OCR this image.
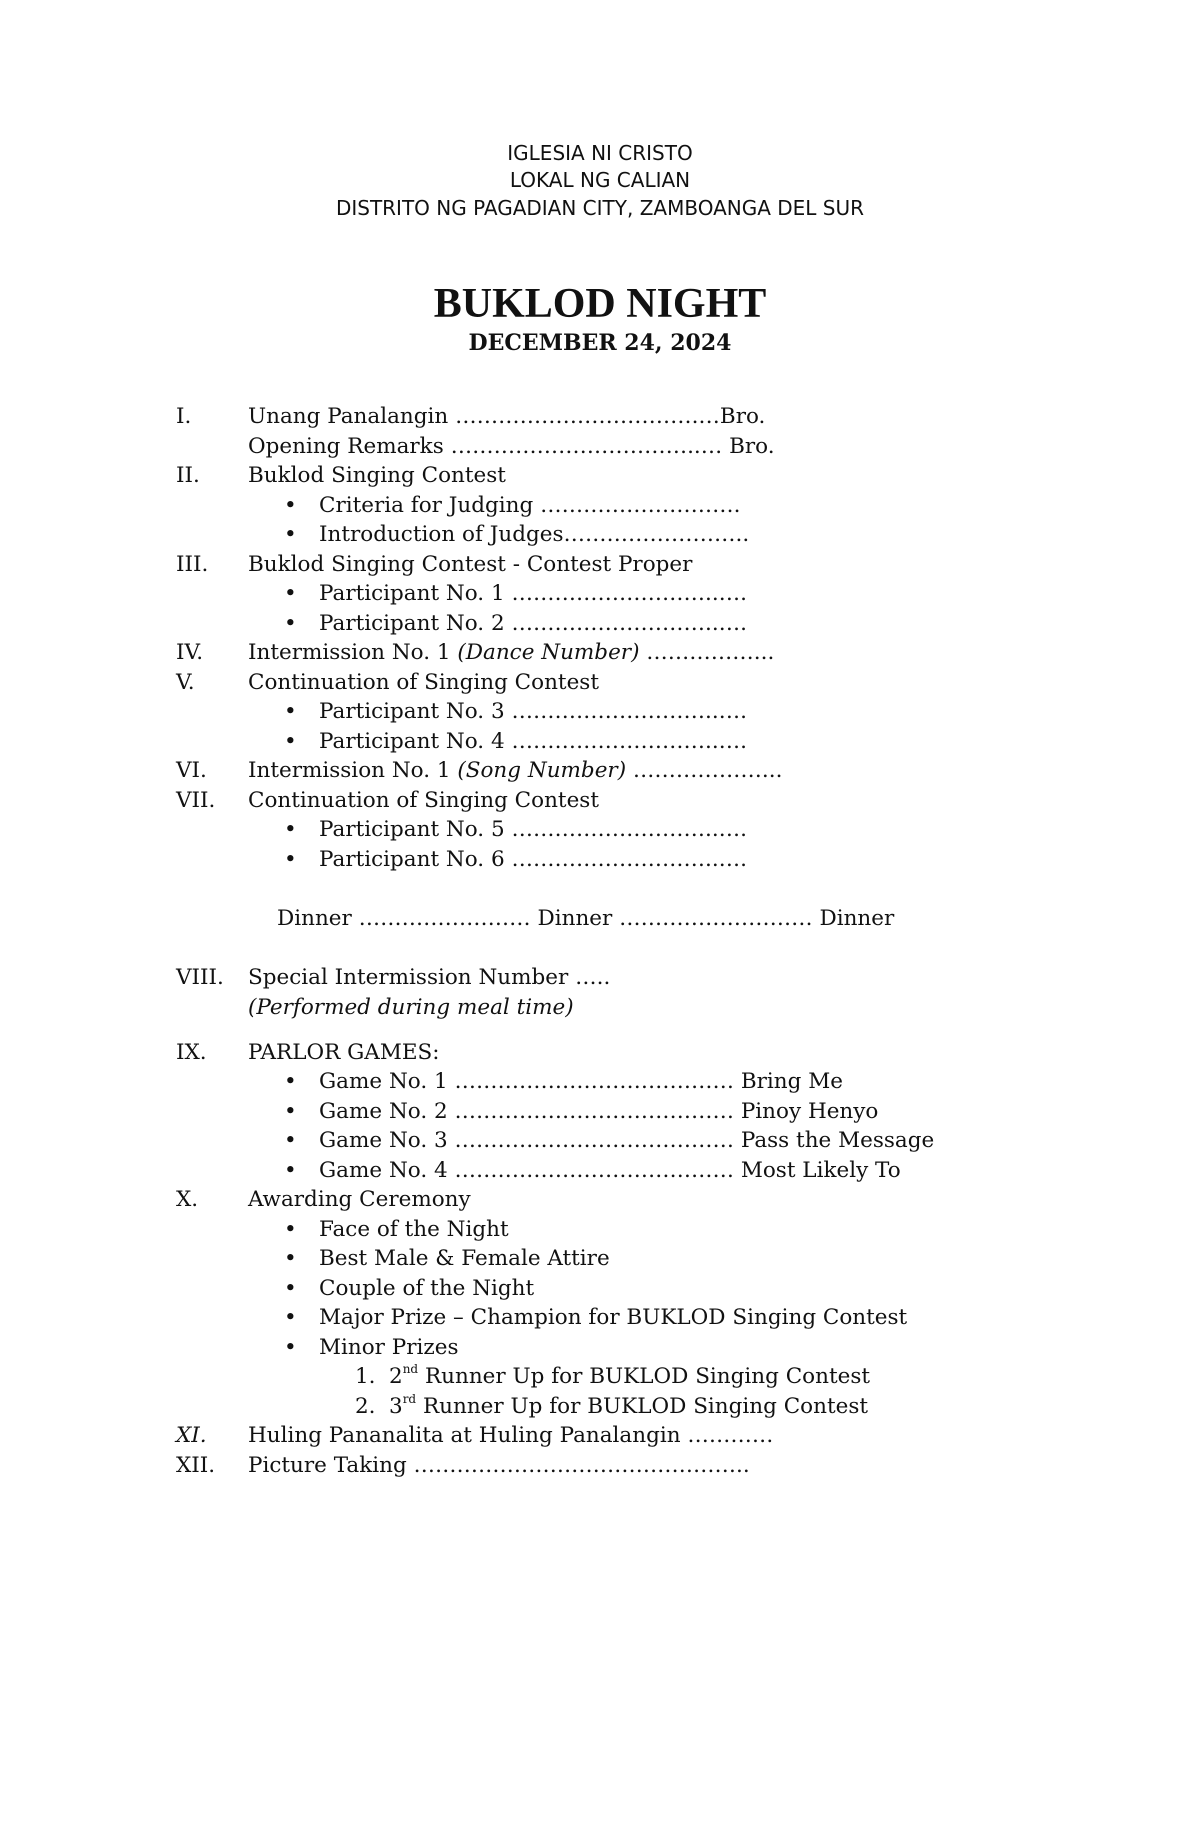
IGLESIA NI CRISTO
LOKAL NG CALIAN
DISTRITO NG PAGADIAN CITY, ZAMBOANGA DEL SUR
BUKLOD NIGHT
DECEMBER 24, 2024
I.	Unang Panalangin …………………………….…Bro.
Opening Remarks ……………………………..… Bro.
II. Buklod Singing Contest
• Criteria for Judging ……………………….
• Introduction of Judges……………………..
III. Buklod Singing Contest - Contest Proper
• Participant No. 1 ………………………..….
• Participant No. 2 ………………………..….
IV. Intermission No. 1 (Dance Number) ……………...
V. Continuation of Singing Contest
• Participant No. 3 ………………………..….
• Participant No. 4 ………………………..….
VI. Intermission No. 1 (Song Number) ………………...
VII. Continuation of Singing Contest
• Participant No. 5 ………………………..….
• Participant No. 6 ………………………..….
Dinner …………………… Dinner ……………………… Dinner
VIII. Special Intermission Number …..
(Performed during meal time)
IX. PARLOR GAMES:
• Game No. 1 ………………………………… Bring Me
• Game No. 2 ………………………………… Pinoy Henyo
• Game No. 3 ………………………………… Pass the Message
• Game No. 4 ………………………………… Most Likely To
X. Awarding Ceremony
• Face of the Night
• Best Male & Female Attire
• Couple of the Night
• Major Prize – Champion for BUKLOD Singing Contest
• Minor Prizes
1. 2nd Runner Up for BUKLOD Singing Contest
2. 3rd Runner Up for BUKLOD Singing Contest
XI. Huling Pananalita at Huling Panalangin …………
XII. Picture Taking ………………………………………..
